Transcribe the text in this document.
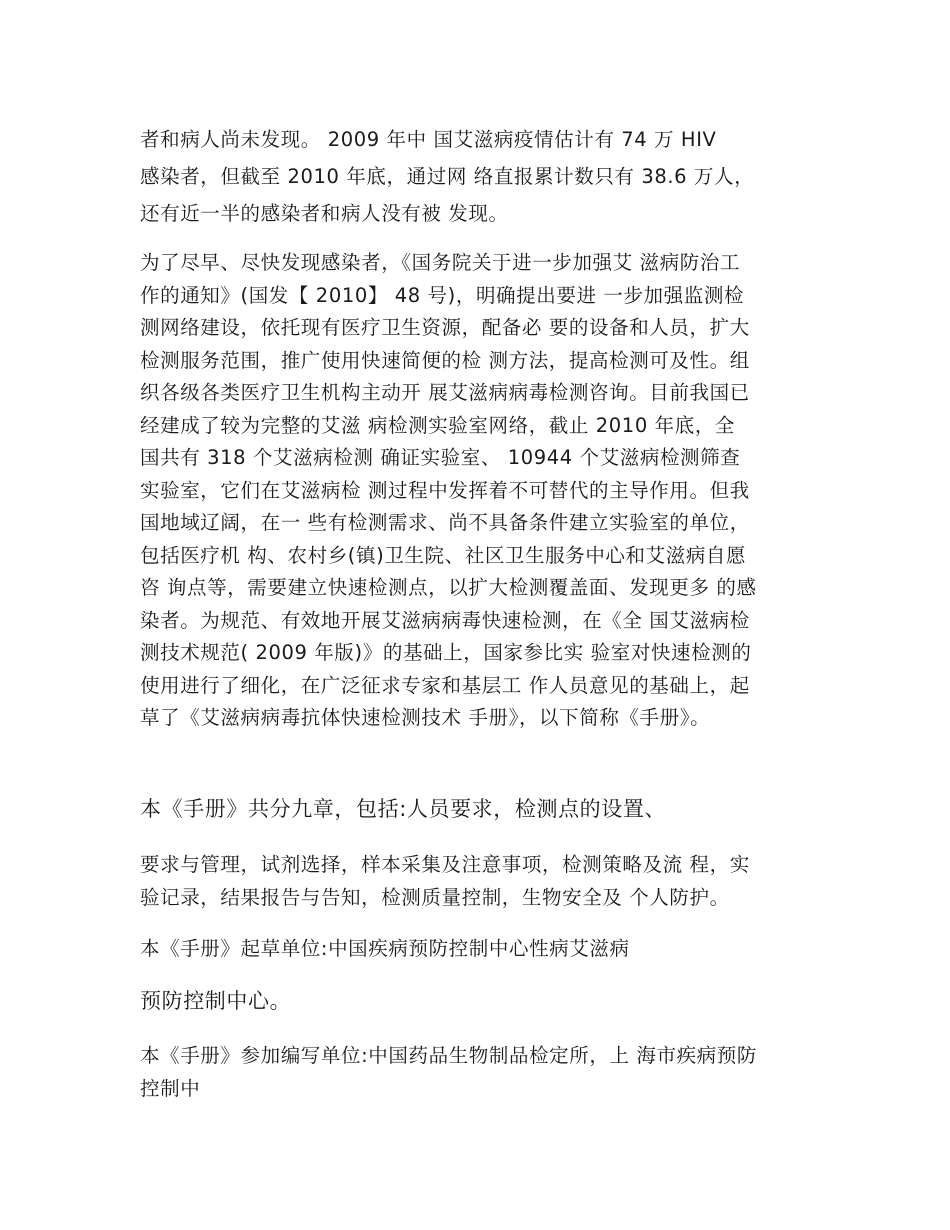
者和病人尚未发现。 2009 年中 国艾滋病疫情估计有 74 万 HIV
感染者，但截至 2010 年底，通过网 络直报累计数只有 38.6 万人，
还有近一半的感染者和病人没有被 发现。

为了尽早、尽快发现感染者，《国务院关于进一步加强艾 滋病防治工
作的通知》(国发【 2010】 48 号)，明确提出要进 一步加强监测检
测网络建设，依托现有医疗卫生资源，配备必 要的设备和人员，扩大
检测服务范围，推广使用快速简便的检 测方法，提高检测可及性。组
织各级各类医疗卫生机构主动开 展艾滋病病毒检测咨询。目前我国已
经建成了较为完整的艾滋 病检测实验室网络，截止 2010 年底，全
国共有 318 个艾滋病检测 确证实验室、 10944 个艾滋病检测筛查
实验室，它们在艾滋病检 测过程中发挥着不可替代的主导作用。但我
国地域辽阔，在一 些有检测需求、尚不具备条件建立实验室的单位，
包括医疗机 构、农村乡(镇)卫生院、社区卫生服务中心和艾滋病自愿
咨 询点等，需要建立快速检测点，以扩大检测覆盖面、发现更多 的感
染者。为规范、有效地开展艾滋病病毒快速检测，在《全 国艾滋病检
测技术规范( 2009 年版)》的基础上，国家参比实 验室对快速检测的
使用进行了细化，在广泛征求专家和基层工 作人员意见的基础上，起
草了《艾滋病病毒抗体快速检测技术 手册》，以下简称《手册》。

本《手册》共分九章，包括:人员要求，检测点的设置、

要求与管理，试剂选择，样本采集及注意事项，检测策略及流 程，实
验记录，结果报告与告知，检测质量控制，生物安全及 个人防护。

本《手册》起草单位:中国疾病预防控制中心性病艾滋病

预防控制中心。

本《手册》参加编写单位:中国药品生物制品检定所，上 海市疾病预防
控制中
